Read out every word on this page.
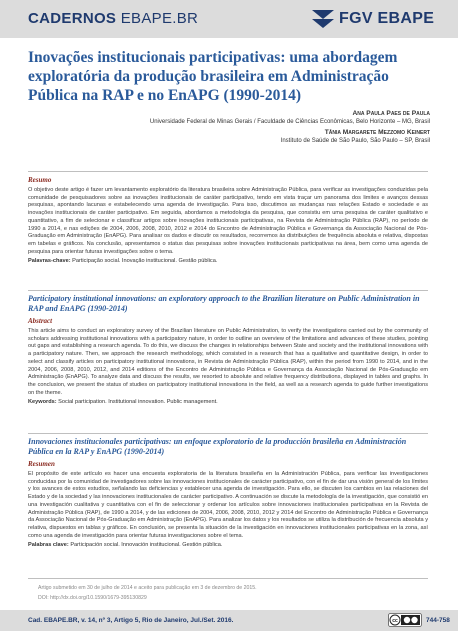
CADERNOS EBAPE.BR	FGV EBAPE
Inovações institucionais participativas: uma abordagem exploratória da produção brasileira em Administração Pública na RAP e no EnAPG (1990-2014)
Ana Paula Paes de Paula
Universidade Federal de Minas Gerais / Faculdade de Ciências Econômicas, Belo Horizonte – MG, Brasil
Tânia Margarete Mezzomo Keinert
Instituto de Saúde de São Paulo, São Paulo – SP, Brasil
Resumo
O objetivo deste artigo é fazer um levantamento exploratório da literatura brasileira sobre Administração Pública, para verificar as investigações conduzidas pela comunidade de pesquisadores sobre as inovações institucionais de caráter participativo, tendo em vista traçar um panorama dos limites e avanços dessas pesquisas, apontando lacunas e estabelecendo uma agenda de investigação. Para isso, discutimos as mudanças nas relações Estado e sociedade e as inovações institucionais de caráter participativo. Em seguida, abordamos a metodologia da pesquisa, que consistiu em uma pesquisa de caráter qualitativo e quantitativo, a fim de selecionar e classificar artigos sobre inovações institucionais participativas, na Revista de Administração Pública (RAP), no período de 1990 a 2014, e nas edições de 2004, 2006, 2008, 2010, 2012 e 2014 do Encontro de Administração Pública e Governança da Associação Nacional de Pós-Graduação em Administração (EnAPG). Para analisar os dados e discutir os resultados, recorremos às distribuições de frequência absoluta e relativa, dispostas em tabelas e gráficos. Na conclusão, apresentamos o status das pesquisas sobre inovações institucionais participativas na área, bem como uma agenda de pesquisa para orientar futuras investigações sobre o tema.
Palavras-chave: Participação social. Inovação institucional. Gestão pública.
Participatory institutional innovations: an exploratory approach to the Brazilian literature on Public Administration in RAP and EnAPG (1990-2014)
Abstract
This article aims to conduct an exploratory survey of the Brazilian literature on Public Administration, to verify the investigations carried out by the community of scholars addressing institutional innovations with a participatory nature, in order to outline an overview of the limitations and advances of these studies, pointing out gaps and establishing a research agenda. To do this, we discuss the changes in relationships between State and society and the institutional innovations with a participatory nature. Then, we approach the research methodology, which consisted in a research that has a qualitative and quantitative design, in order to select and classify articles on participatory institutional innovations, in Revista de Administração Pública (RAP), within the period from 1990 to 2014, and in the 2004, 2006, 2008, 2010, 2012, and 2014 editions of the Encontro de Administração Pública e Governança da Associação Nacional de Pós-Graduação em Administração (EnAPG). To analyze data and discuss the results, we resorted to absolute and relative frequency distributions, displayed in tables and graphs. In the conclusion, we present the status of studies on participatory institutional innovations in the field, as well as a research agenda to guide further investigations on the theme.
Keywords: Social participation. Institutional innovation. Public management.
Innovaciones institucionales participativas: un enfoque exploratorio de la producción brasileña en Administración Pública en la RAP y EnAPG (1990-2014)
Resumen
El propósito de este artículo es hacer una encuesta exploratoria de la literatura brasileña en la Administración Pública, para verificar las investigaciones conducidas por la comunidad de investigadores sobre las innovaciones institucionales de carácter participativo, con el fin de dar una visión general de los límites y los avances de estos estudios, señalando las deficiencias y establecer una agenda de investigación. Para ello, se discuten los cambios en las relaciones del Estado y de la sociedad y las innovaciones institucionales de carácter participativo. A continuación se discute la metodología de la investigación, que consistió en una investigación cualitativa y cuantitativa con el fin de seleccionar y ordenar los artículos sobre innovaciones institucionales participativas en la Revista de Administração Pública (RAP), de 1990 a 2014, y de las ediciones de 2004, 2006, 2008, 2010, 2012 y 2014 del Encontro de Administração Pública e Governança da Associação Nacional de Pós-Graduação em Administração (EnAPG). Para analizar los datos y los resultados se utiliza la distribución de frecuencia absoluta y relativa, dispuestos en tablas y gráficos. En conclusión, se presenta la situación de la investigación en innovaciones institucionales participativas en la zona, así como una agenda de investigación para orientar futuras investigaciones sobre el tema.
Palabras clave: Participación social. Innovación institucional. Gestión pública.
Artigo submetido em 30 de julho de 2014 e aceito para publicação em 3 de dezembro de 2015.
DOI: http://dx.doi.org/10.1590/1679-395130829
Cad. EBAPE.BR, v. 14, nº 3, Artigo 5, Rio de Janeiro, Jul./Set. 2016.	744-758
cc
